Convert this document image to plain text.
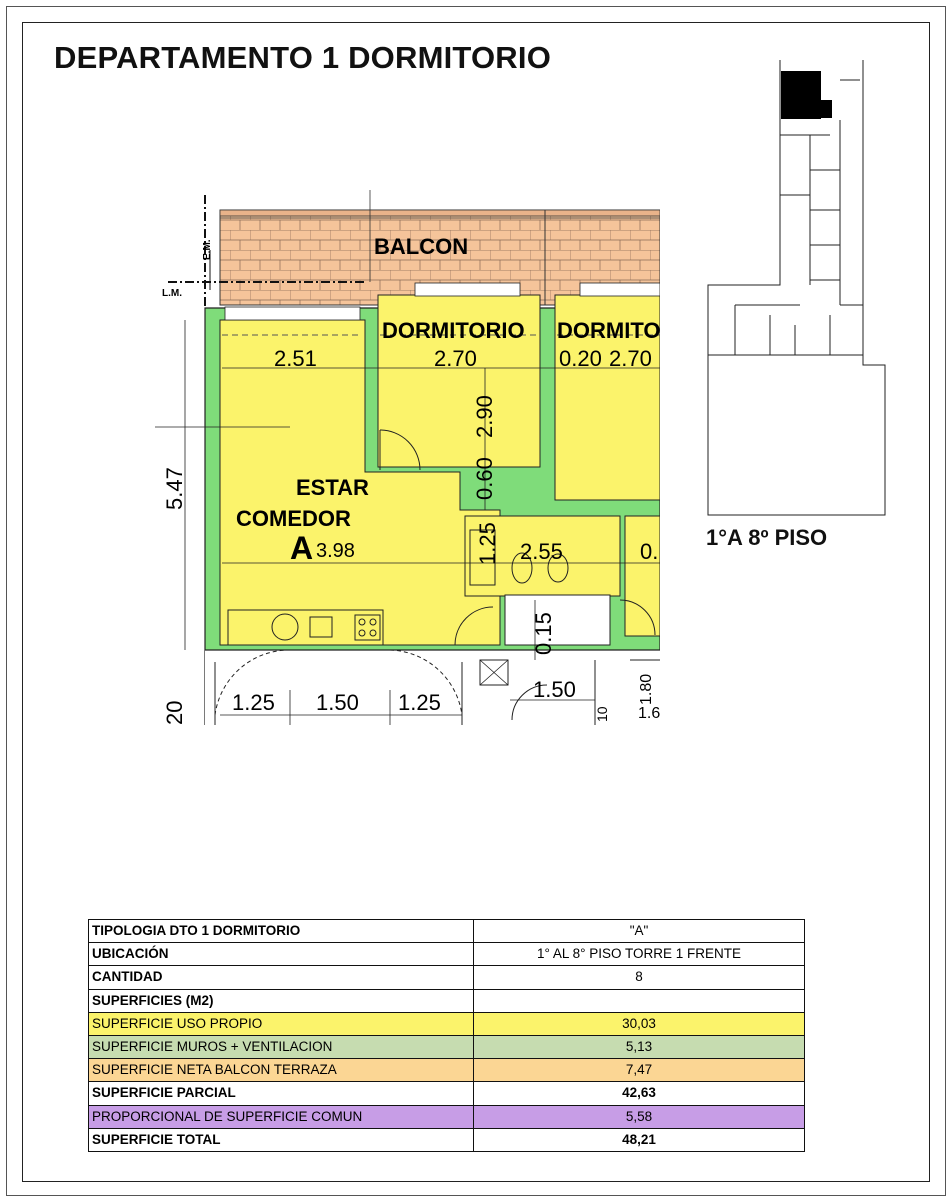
DEPARTAMENTO 1 DORMITORIO
BALCON
E.M.
L.M.
DORMITORIO DORMITO
ESTAR
COMEDOR
A
2.51	2.70	0.20 2.70
3.98	2.55	0.
1.50
1.25 1.50 1.25
5.47
2.90
0.60
1.25
0.15
1.80
1.6
20	10
1°A 8º PISO
TIPOLOGIA DTO 1 DORMITORIO	"A"
UBICACIÓN	1° AL 8° PISO TORRE 1 FRENTE
CANTIDAD	8
SUPERFICIES (M2)	
SUPERFICIE USO PROPIO	30,03
SUPERFICIE MUROS + VENTILACION	5,13
SUPERFICIE NETA BALCON TERRAZA	7,47
SUPERFICIE PARCIAL	42,63
PROPORCIONAL DE SUPERFICIE COMUN	5,58
SUPERFICIE TOTAL	48,21
